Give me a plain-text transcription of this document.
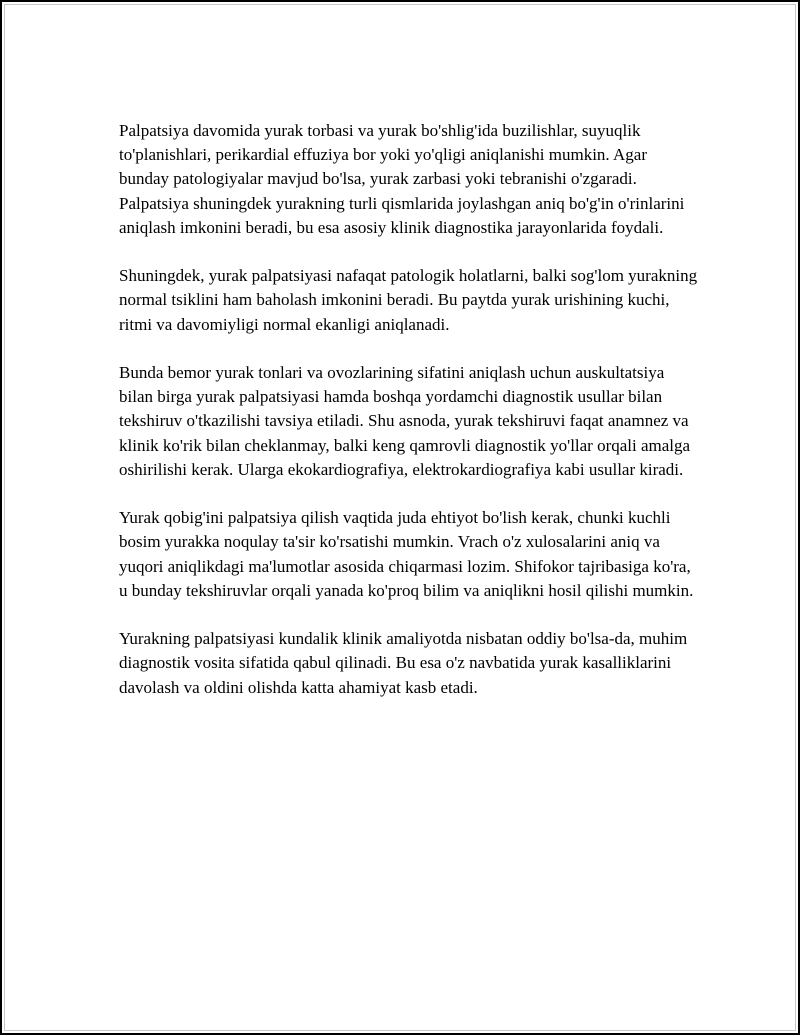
Palpatsiya davomida yurak torbasi va yurak bo'shlig'ida buzilishlar, suyuqlik to'planishlari, perikardial effuziya bor yoki yo'qligi aniqlanishi mumkin. Agar bunday patologiyalar mavjud bo'lsa, yurak zarbasi yoki tebranishi o'zgaradi. Palpatsiya shuningdek yurakning turli qismlarida joylashgan aniq bo'g'in o'rinlarini aniqlash imkonini beradi, bu esa asosiy klinik diagnostika jarayonlarida foydali.

Shuningdek, yurak palpatsiyasi nafaqat patologik holatlarni, balki sog'lom yurakning normal tsiklini ham baholash imkonini beradi. Bu paytda yurak urishining kuchi, ritmi va davomiyligi normal ekanligi aniqlanadi.

Bunda bemor yurak tonlari va ovozlarining sifatini aniqlash uchun auskultatsiya bilan birga yurak palpatsiyasi hamda boshqa yordamchi diagnostik usullar bilan tekshiruv o'tkazilishi tavsiya etiladi. Shu asnoda, yurak tekshiruvi faqat anamnez va klinik ko'rik bilan cheklanmay, balki keng qamrovli diagnostik yo'llar orqali amalga oshirilishi kerak. Ularga ekokardiografiya, elektrokardiografiya kabi usullar kiradi.

Yurak qobig'ini palpatsiya qilish vaqtida juda ehtiyot bo'lish kerak, chunki kuchli bosim yurakka noqulay ta'sir ko'rsatishi mumkin. Vrach o'z xulosalarini aniq va yuqori aniqlikdagi ma'lumotlar asosida chiqarmasi lozim. Shifokor tajribasiga ko'ra, u bunday tekshiruvlar orqali yanada ko'proq bilim va aniqlikni hosil qilishi mumkin.

Yurakning palpatsiyasi kundalik klinik amaliyotda nisbatan oddiy bo'lsa-da, muhim diagnostik vosita sifatida qabul qilinadi. Bu esa o'z navbatida yurak kasalliklarini davolash va oldini olishda katta ahamiyat kasb etadi.
